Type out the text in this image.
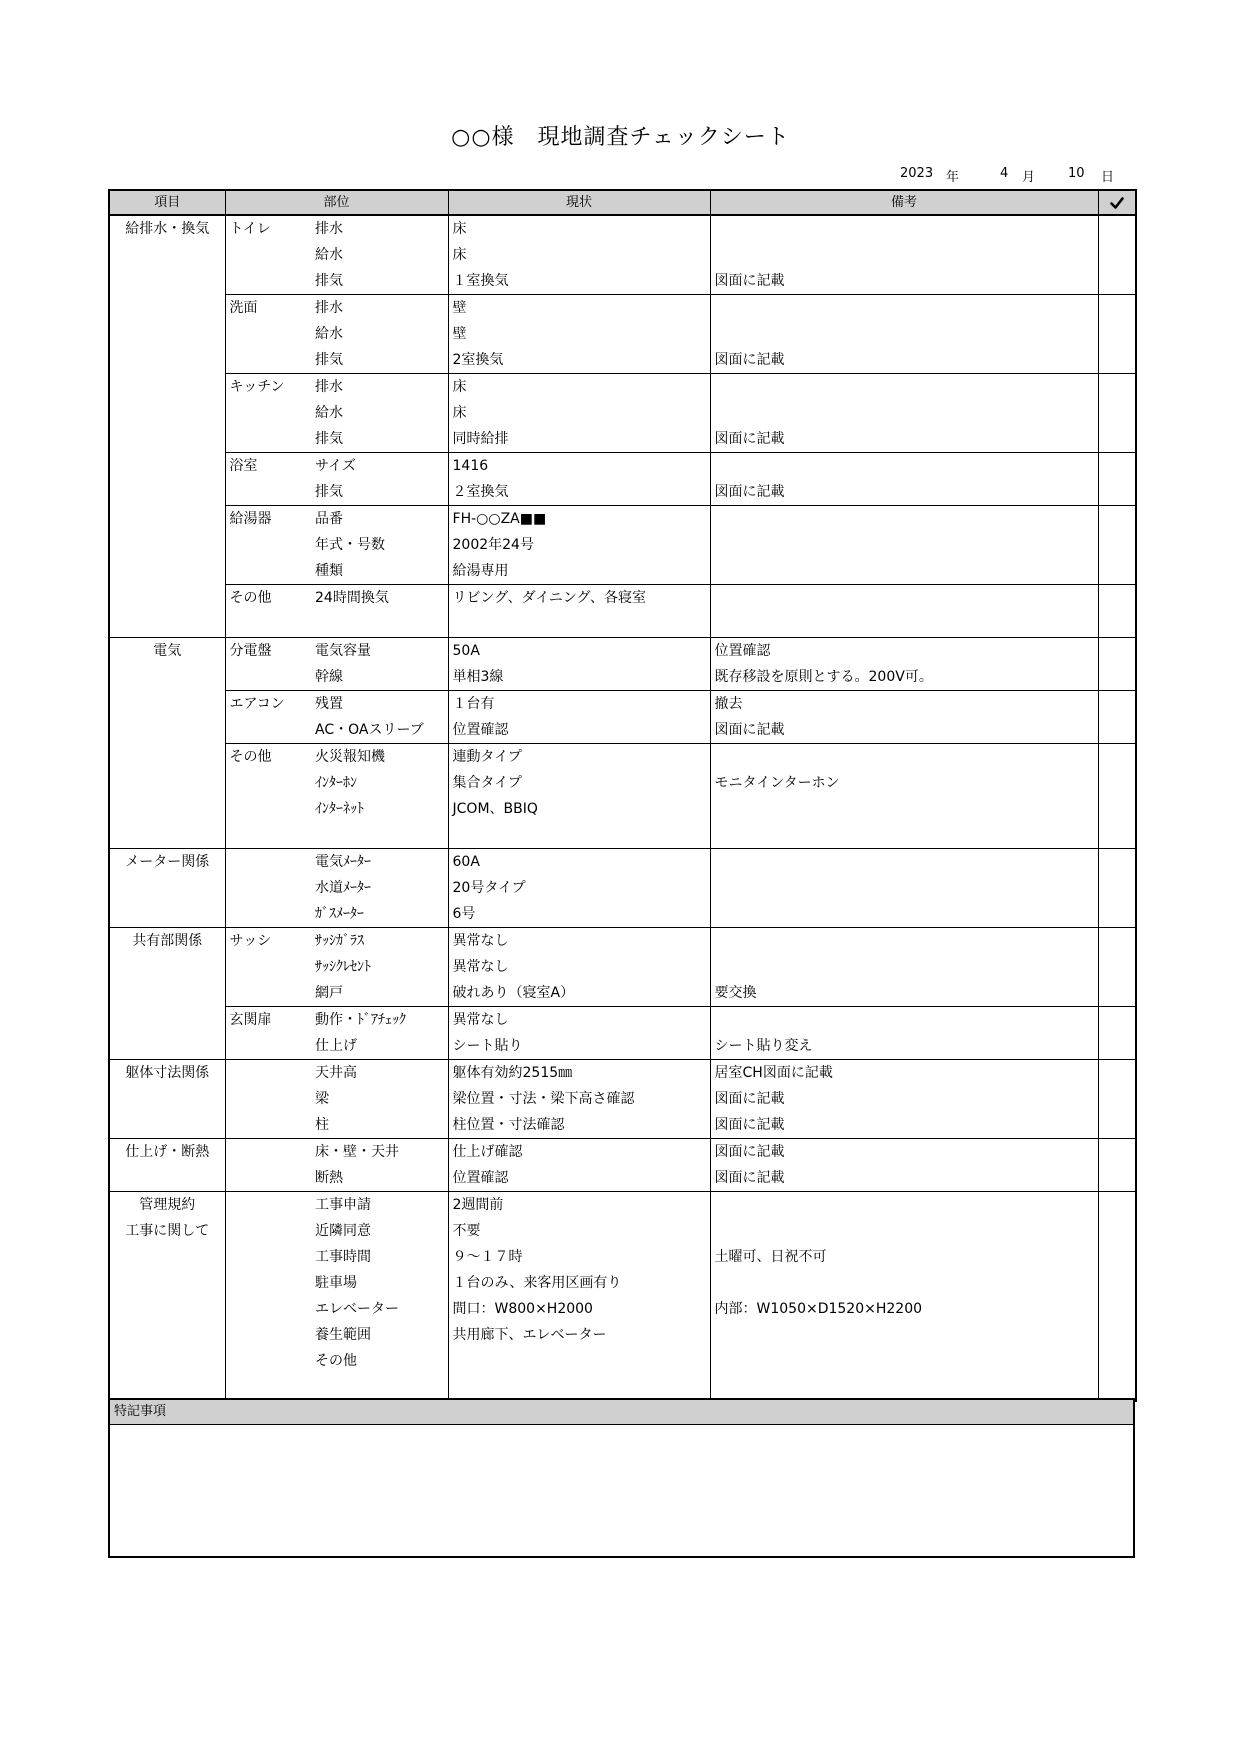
○○様　現地調査チェックシート
2023 年	4 月	10 日
項目	部位		現状	備考	
給排水・換気	トイレ	排水	床		
		給水	床		
		排気	１室換気	図面に記載	
	洗面	排水	壁		
		給水	壁		
		排気	2室換気	図面に記載	
	キッチン	排水	床		
		給水	床		
		排気	同時給排	図面に記載	
	浴室	サイズ	1416		
		排気	２室換気	図面に記載	
	給湯器	品番	FH-○○ZA■■		
		年式・号数	2002年24号		
		種類	給湯専用		
	その他	24時間換気	リビング、ダイニング、各寝室		

電気	分電盤	電気容量	50A	位置確認	
		幹線	単相3線	既存移設を原則とする。200V可。	
	エアコン	残置	１台有	撤去	
		AC・OAスリーブ	位置確認	図面に記載	
	その他	火災報知機	連動タイプ		
		ｲﾝﾀｰﾎﾝ	集合タイプ	モニタインターホン	
		ｲﾝﾀｰﾈｯﾄ	JCOM、BBIQ		

メーター関係		電気ﾒｰﾀｰ	60A		
		水道ﾒｰﾀｰ	20号タイプ		
		ｶﾞｽﾒｰﾀｰ	6号		
共有部関係	サッシ	ｻｯｼｶﾞﾗｽ	異常なし		
		ｻｯｼｸﾚｾﾝﾄ	異常なし		
		網戸	破れあり（寝室A）	要交換	
	玄関扉	動作・ﾄﾞｱﾁｪｯｸ	異常なし		
		仕上げ	シート貼り	シート貼り変え	
躯体寸法関係		天井高	躯体有効約2515㎜	居室CH図面に記載	
		梁	梁位置・寸法・梁下高さ確認	図面に記載	
		柱	柱位置・寸法確認	図面に記載	
仕上げ・断熱		床・壁・天井	仕上げ確認	図面に記載	
		断熱	位置確認	図面に記載	
管理規約		工事申請	2週間前		
工事に関して		近隣同意	不要		
		工事時間	９～１７時	土曜可、日祝不可	
		駐車場	１台のみ、来客用区画有り		
		エレベーター	間口：W800×H2000	内部：W1050×D1520×H2200	
		養生範囲	共用廊下、エレベーター		
		その他			

特記事項
